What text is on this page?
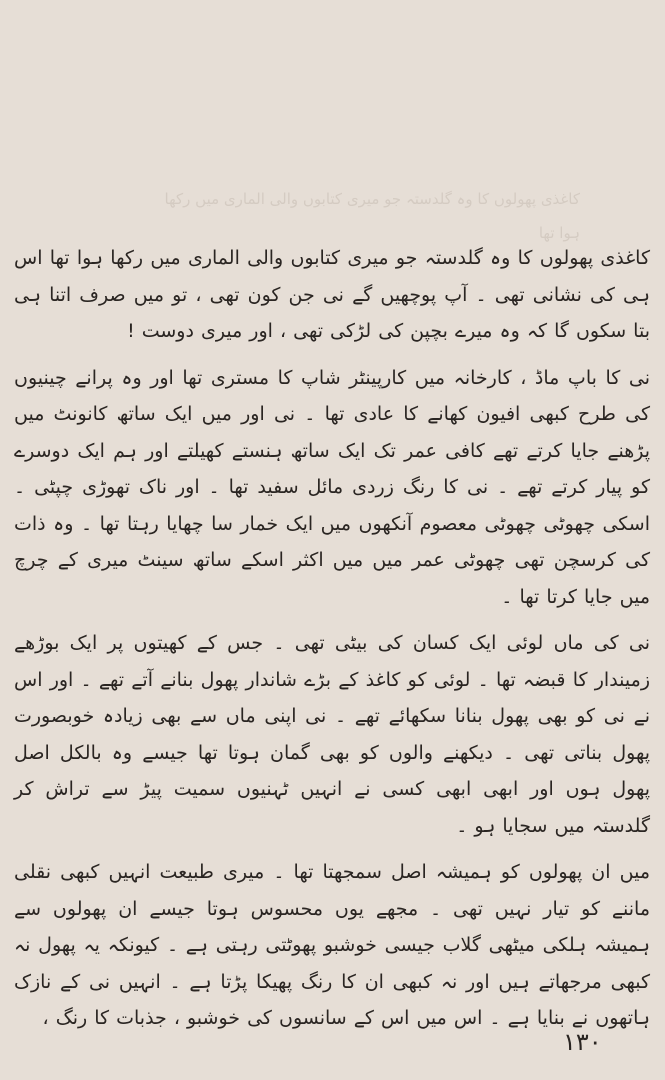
کاغذی پھولوں کا وہ گلدستہ جو میری کتابوں والی الماری میں رکھا ہوا تھا

کاغذی پھولوں کا وہ گلدستہ جو میری کتابوں والی الماری میں رکھا ہوا تھا اس ہی کی نشانی تھی ۔ آپ پوچھیں گے نی جن کون تھی ، تو میں صرف اتنا ہی بتا سکوں گا کہ وہ میرے بچپن کی لڑکی تھی ، اور میری دوست !

نی کا باپ ماڈ ، کارخانہ میں کارپینٹر شاپ کا مستری تھا اور وہ پرانے چینیوں کی طرح کبھی افیون کھانے کا عادی تھا ۔ نی اور میں ایک ساتھ کانونٹ میں پڑھنے جایا کرتے تھے کافی عمر تک ایک ساتھ ہنستے کھیلتے اور ہم ایک دوسرے کو پیار کرتے تھے ۔ نی کا رنگ زردی مائل سفید تھا ۔ اور ناک تھوڑی چپٹی ۔ اسکی چھوٹی چھوٹی معصوم آنکھوں میں ایک خمار سا چھایا رہتا تھا ۔ وہ ذات کی کرسچن تھی چھوٹی عمر میں میں اکثر اسکے ساتھ سینٹ میری کے چرچ میں جایا کرتا تھا ۔

نی کی ماں لوئی ایک کسان کی بیٹی تھی ۔ جس کے کھیتوں پر ایک بوڑھے زمیندار کا قبضہ تھا ۔ لوئی کو کاغذ کے بڑے شاندار پھول بنانے آتے تھے ۔ اور اس نے نی کو بھی پھول بنانا سکھائے تھے ۔ نی اپنی ماں سے بھی زیادہ خوبصورت پھول بناتی تھی ۔ دیکھنے والوں کو بھی گمان ہوتا تھا جیسے وہ بالکل اصل پھول ہوں اور ابھی ابھی کسی نے انہیں ٹہنیوں سمیت پیڑ سے تراش کر گلدستہ میں سجایا ہو ۔

میں ان پھولوں کو ہمیشہ اصل سمجھتا تھا ۔ میری طبیعت انہیں کبھی نقلی ماننے کو تیار نہیں تھی ۔ مجھے یوں محسوس ہوتا جیسے ان پھولوں سے ہمیشہ ہلکی میٹھی گلاب جیسی خوشبو پھوٹتی رہتی ہے ۔ کیونکہ یہ پھول نہ کبھی مرجھاتے ہیں اور نہ کبھی ان کا رنگ پھیکا پڑتا ہے ۔ انہیں نی کے نازک ہاتھوں نے بنایا ہے ۔ اس میں اس کے سانسوں کی خوشبو ، جذبات کا رنگ ،

۱۳۰
